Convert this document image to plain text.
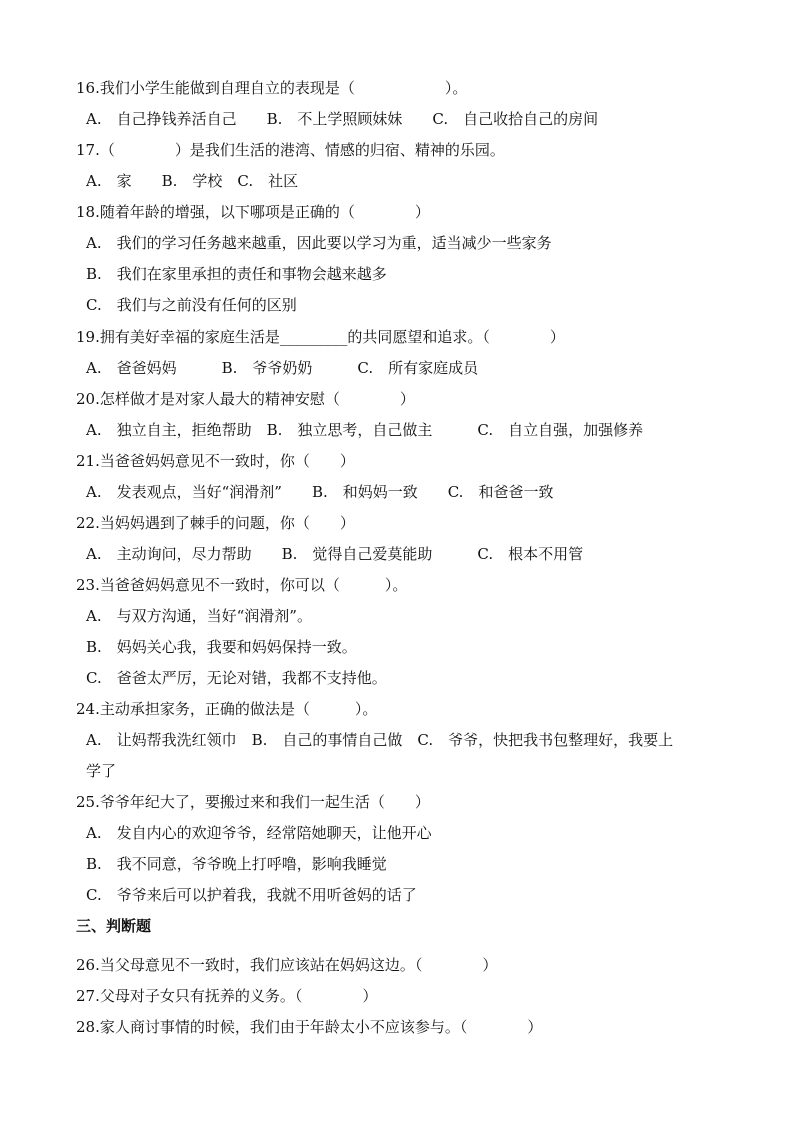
16.我们小学生能做到自理自立的表现是（　　　　　　）。
A.　自己挣钱养活自己　　B.　不上学照顾妹妹　　C.　自己收拾自己的房间
17.（　　　　）是我们生活的港湾、情感的归宿、精神的乐园。
A.　家　　B.　学校　C.　社区
18.随着年龄的增强，以下哪项是正确的（　　　　）
A.　我们的学习任务越来越重，因此要以学习为重，适当减少一些家务
B.　我们在家里承担的责任和事物会越来越多
C.　我们与之前没有任何的区别
19.拥有美好幸福的家庭生活是_________的共同愿望和追求。（　　　　）
A.　爸爸妈妈　　　B.　爷爷奶奶　　　C.　所有家庭成员
20.怎样做才是对家人最大的精神安慰（　　　　）
A.　独立自主，拒绝帮助　B.　独立思考，自己做主　　　C.　自立自强，加强修养
21.当爸爸妈妈意见不一致时，你（　　）
A.　发表观点，当好“润滑剂”　　B.　和妈妈一致　　C.　和爸爸一致
22.当妈妈遇到了棘手的问题，你（　　）
A.　主动询问，尽力帮助　　B.　觉得自己爱莫能助　　　C.　根本不用管
23.当爸爸妈妈意见不一致时，你可以（　　　）。
A.　与双方沟通，当好“润滑剂”。
B.　妈妈关心我，我要和妈妈保持一致。
C.　爸爸太严厉，无论对错，我都不支持他。
24.主动承担家务，正确的做法是（　　　）。
A.　让妈帮我洗红领巾　B.　自己的事情自己做　C.　爷爷，快把我书包整理好，我要上
学了
25.爷爷年纪大了，要搬过来和我们一起生活（　　）
A.　发自内心的欢迎爷爷，经常陪她聊天，让他开心
B.　我不同意，爷爷晚上打呼噜，影响我睡觉
C.　爷爷来后可以护着我，我就不用听爸妈的话了
三、判断题
26.当父母意见不一致时，我们应该站在妈妈这边。（　　　　）
27.父母对子女只有抚养的义务。（　　　　）
28.家人商讨事情的时候，我们由于年龄太小不应该参与。（　　　　）
